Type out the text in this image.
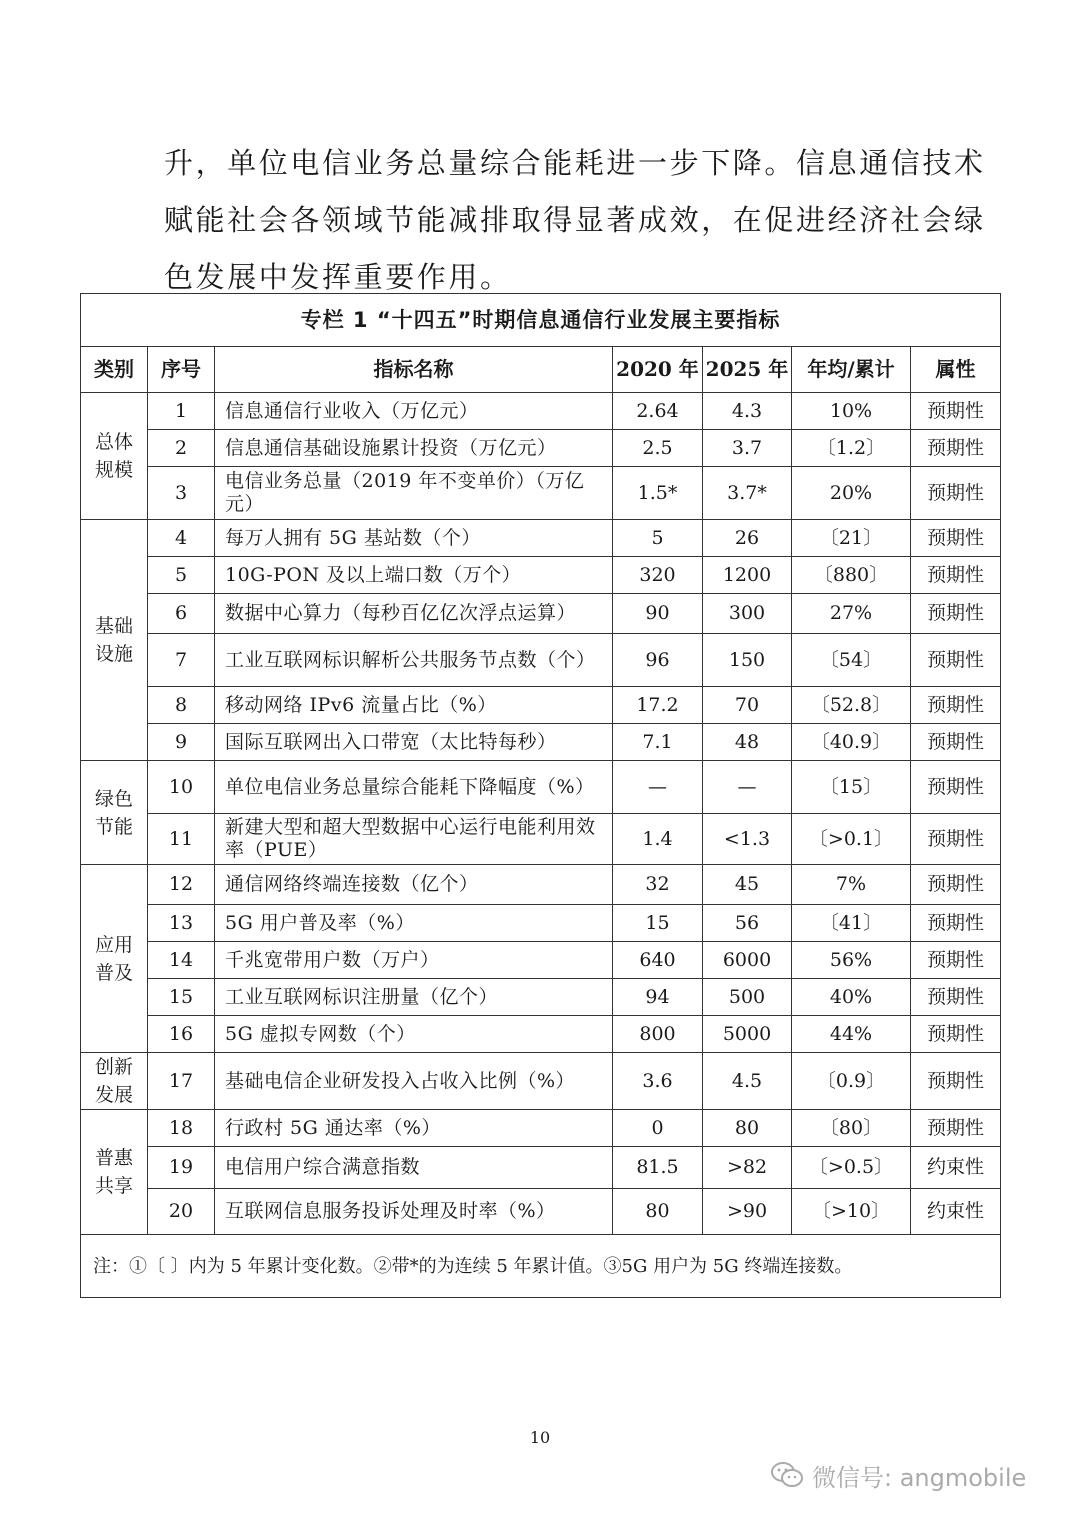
升，单位电信业务总量综合能耗进一步下降。信息通信技术

赋能社会各领域节能减排取得显著成效，在促进经济社会绿

色发展中发挥重要作用。

专栏 1 “十四五”时期信息通信行业发展主要指标						
类别	序号	指标名称	2020 年	2025 年	年均/累计	属性
总体
规模	1	信息通信行业收入（万亿元）	2.64	4.3	10%	预期性
	2	信息通信基础设施累计投资（万亿元）	2.5	3.7	〔1.2〕	预期性
	3	电信业务总量（2019 年不变单价）（万亿元）	1.5*	3.7*	20%	预期性
基础
设施	4	每万人拥有 5G 基站数（个）	5	26	〔21〕	预期性
	5	10G-PON 及以上端口数（万个）	320	1200	〔880〕	预期性
	6	数据中心算力（每秒百亿亿次浮点运算）	90	300	27%	预期性
	7	工业互联网标识解析公共服务节点数（个）	96	150	〔54〕	预期性
	8	移动网络 IPv6 流量占比（%）	17.2	70	〔52.8〕	预期性
	9	国际互联网出入口带宽（太比特每秒）	7.1	48	〔40.9〕	预期性
绿色
节能	10	单位电信业务总量综合能耗下降幅度（%）	—	—	〔15〕	预期性
	11	新建大型和超大型数据中心运行电能利用效率（PUE）	1.4	<1.3	〔>0.1〕	预期性
应用
普及	12	通信网络终端连接数（亿个）	32	45	7%	预期性
	13	5G 用户普及率（%）	15	56	〔41〕	预期性
	14	千兆宽带用户数（万户）	640	6000	56%	预期性
	15	工业互联网标识注册量（亿个）	94	500	40%	预期性
	16	5G 虚拟专网数（个）	800	5000	44%	预期性
创新
发展	17	基础电信企业研发投入占收入比例（%）	3.6	4.5	〔0.9〕	预期性
普惠
共享	18	行政村 5G 通达率（%）	0	80	〔80〕	预期性
	19	电信用户综合满意指数	81.5	>82	〔>0.5〕	约束性
	20	互联网信息服务投诉处理及时率（%）	80	>90	〔>10〕	约束性
注：①〔 〕内为 5 年累计变化数。②带*的为连续 5 年累计值。③5G 用户为 5G 终端连接数。						
10
微信号: angmobile
